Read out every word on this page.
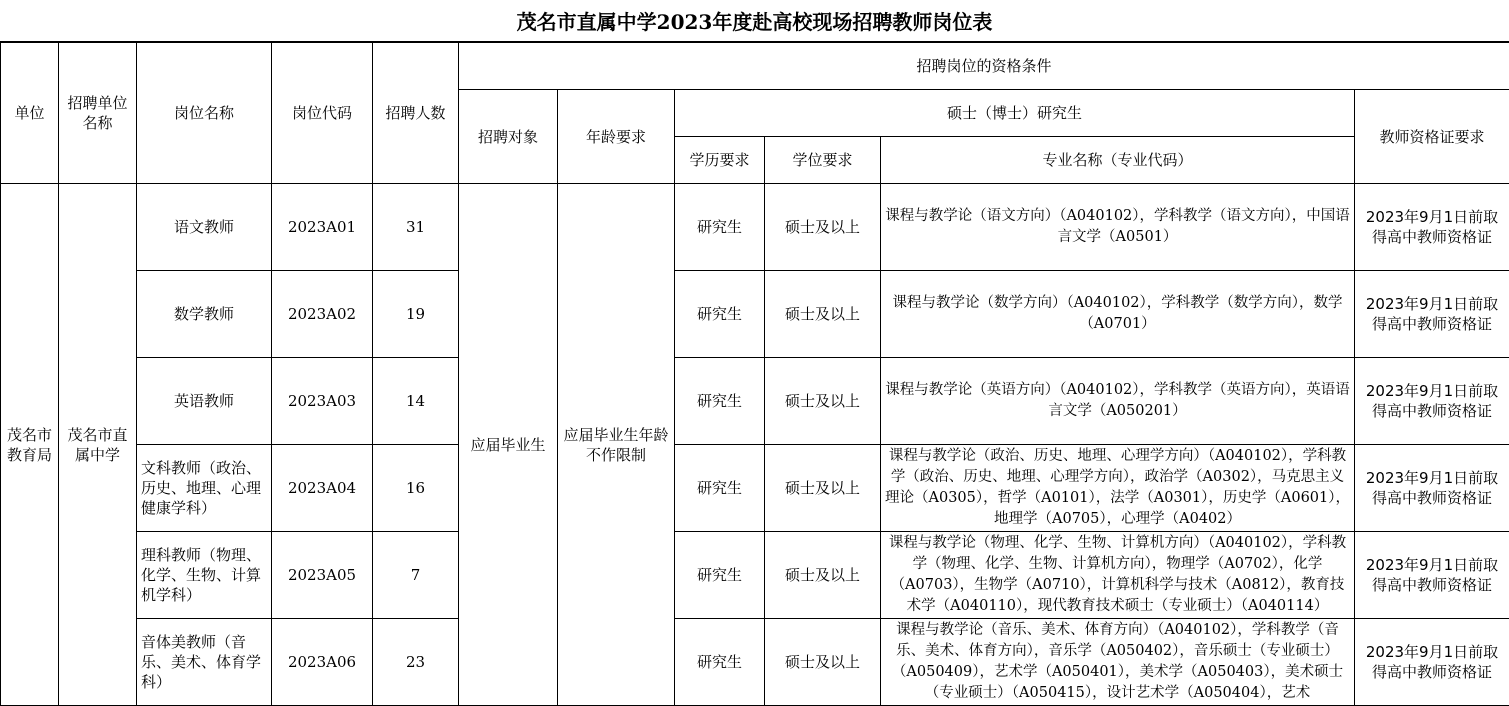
茂名市直属中学2023年度赴高校现场招聘教师岗位表
单位	招聘单位名称	岗位名称	岗位代码	招聘人数	招聘岗位的资格条件					
					招聘对象	年龄要求	硕士（博士）研究生			教师资格证要求
							学历要求	学位要求	专业名称（专业代码）	
茂名市教育局	茂名市直属中学	语文教师	2023A01	31	应届毕业生	应届毕业生年龄不作限制	研究生	硕士及以上	课程与教学论（语文方向）（A040102），学科教学（语文方向），中国语言文学（A0501）	2023年9月1日前取得高中教师资格证
		数学教师	2023A02	19			研究生	硕士及以上	课程与教学论（数学方向）（A040102），学科教学（数学方向），数学（A0701）	2023年9月1日前取得高中教师资格证
		英语教师	2023A03	14			研究生	硕士及以上	课程与教学论（英语方向）（A040102），学科教学（英语方向），英语语言文学（A050201）	2023年9月1日前取得高中教师资格证
		文科教师（政治、历史、地理、心理健康学科）	2023A04	16			研究生	硕士及以上	课程与教学论（政治、历史、地理、心理学方向）（A040102），学科教学（政治、历史、地理、心理学方向），政治学（A0302），马克思主义理论（A0305），哲学（A0101），法学（A0301），历史学（A0601），地理学（A0705），心理学（A0402）	2023年9月1日前取得高中教师资格证
		理科教师（物理、化学、生物、计算机学科）	2023A05	7			研究生	硕士及以上	课程与教学论（物理、化学、生物、计算机方向）（A040102），学科教学（物理、化学、生物、计算机方向），物理学（A0702），化学（A0703），生物学（A0710），计算机科学与技术（A0812），教育技术学（A040110），现代教育技术硕士（专业硕士）（A040114）	2023年9月1日前取得高中教师资格证
		音体美教师（音乐、美术、体育学科）	2023A06	23			研究生	硕士及以上	课程与教学论（音乐、美术、体育方向）（A040102），学科教学（音乐、美术、体育方向），音乐学（A050402），音乐硕士（专业硕士）（A050409），艺术学（A050401），美术学（A050403），美术硕士（专业硕士）（A050415），设计艺术学（A050404），艺术	2023年9月1日前取得高中教师资格证
